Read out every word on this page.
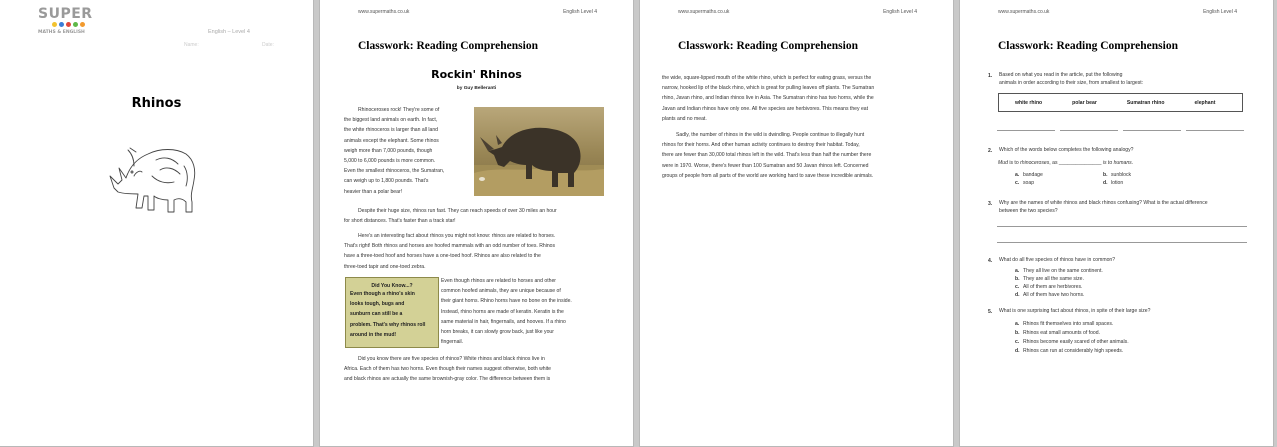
SUPER
MATHS & ENGLISH	English – Level 4
Name:	Date:
Rhinos
www.supermaths.co.uk	English Level 4
Classwork: Reading Comprehension
Rockin' Rhinos
by Guy Belleranti
Rhinoceroses rock! They're some of
the biggest land animals on earth. In fact,
the white rhinoceros is larger than all land
animals except the elephant. Some rhinos
weigh more than 7,000 pounds, though
5,000 to 6,000 pounds is more common.
Even the smallest rhinoceros, the Sumatran,
can weigh up to 1,800 pounds. That's
heavier than a polar bear!
Despite their huge size, rhinos run fast. They can reach speeds of over 30 miles an hour
for short distances. That's faster than a track star!
Here's an interesting fact about rhinos you might not know: rhinos are related to horses.
That's right! Both rhinos and horses are hoofed mammals with an odd number of toes. Rhinos
have a three-toed hoof and horses have a one-toed hoof. Rhinos are also related to the
three-toed tapir and one-toed zebra.
Did You Know...?
Even though a rhino's skin
looks tough, bugs and
sunburn can still be a
problem. That's why rhinos roll
around in the mud!
Even though rhinos are related to horses and other
common hoofed animals, they are unique because of
their giant horns. Rhino horns have no bone on the inside.
Instead, rhino horns are made of keratin. Keratin is the
same material in hair, fingernails, and hooves. If a rhino
horn breaks, it can slowly grow back, just like your
fingernail.
Did you know there are five species of rhinos? White rhinos and black rhinos live in
Africa. Each of them has two horns. Even though their names suggest otherwise, both white
and black rhinos are actually the same brownish-gray color. The difference between them is
www.supermaths.co.uk	English Level 4
Classwork: Reading Comprehension
the wide, square-lipped mouth of the white rhino, which is perfect for eating grass, versus the
narrow, hooked lip of the black rhino, which is great for pulling leaves off plants. The Sumatran
rhino, Javan rhino, and Indian rhinos live in Asia. The Sumatran rhino has two horns, while the
Javan and Indian rhinos have only one. All five species are herbivores. This means they eat
plants and no meat.
Sadly, the number of rhinos in the wild is dwindling. People continue to illegally hunt
rhinos for their horns. And other human activity continues to destroy their habitat. Today,
there are fewer than 30,000 total rhinos left in the wild. That's less than half the number there
were in 1970. Worse, there's fewer than 100 Sumatran and 50 Javan rhinos left. Concerned
groups of people from all parts of the world are working hard to save these incredible animals.
www.supermaths.co.uk	English Level 4
Classwork: Reading Comprehension
1. Based on what you read in the article, put the following
animals in order according to their size, from smallest to largest:
white rhino	polar bear	Sumatran rhino	elephant
2. Which of the words below completes the following analogy?
Mud is to rhinoceroses, as _______________ is to humans.
a. bandage	b. sunblock
c. soap	d. lotion
3. Why are the names of white rhinos and black rhinos confusing? What is the actual difference
between the two species?
4. What do all five species of rhinos have in common?
a. They all live on the same continent.
b. They are all the same size.
c. All of them are herbivores.
d. All of them have two horns.
5. What is one surprising fact about rhinos, in spite of their large size?
a. Rhinos fit themselves into small spaces.
b. Rhinos eat small amounts of food.
c. Rhinos become easily scared of other animals.
d. Rhinos can run at considerably high speeds.
